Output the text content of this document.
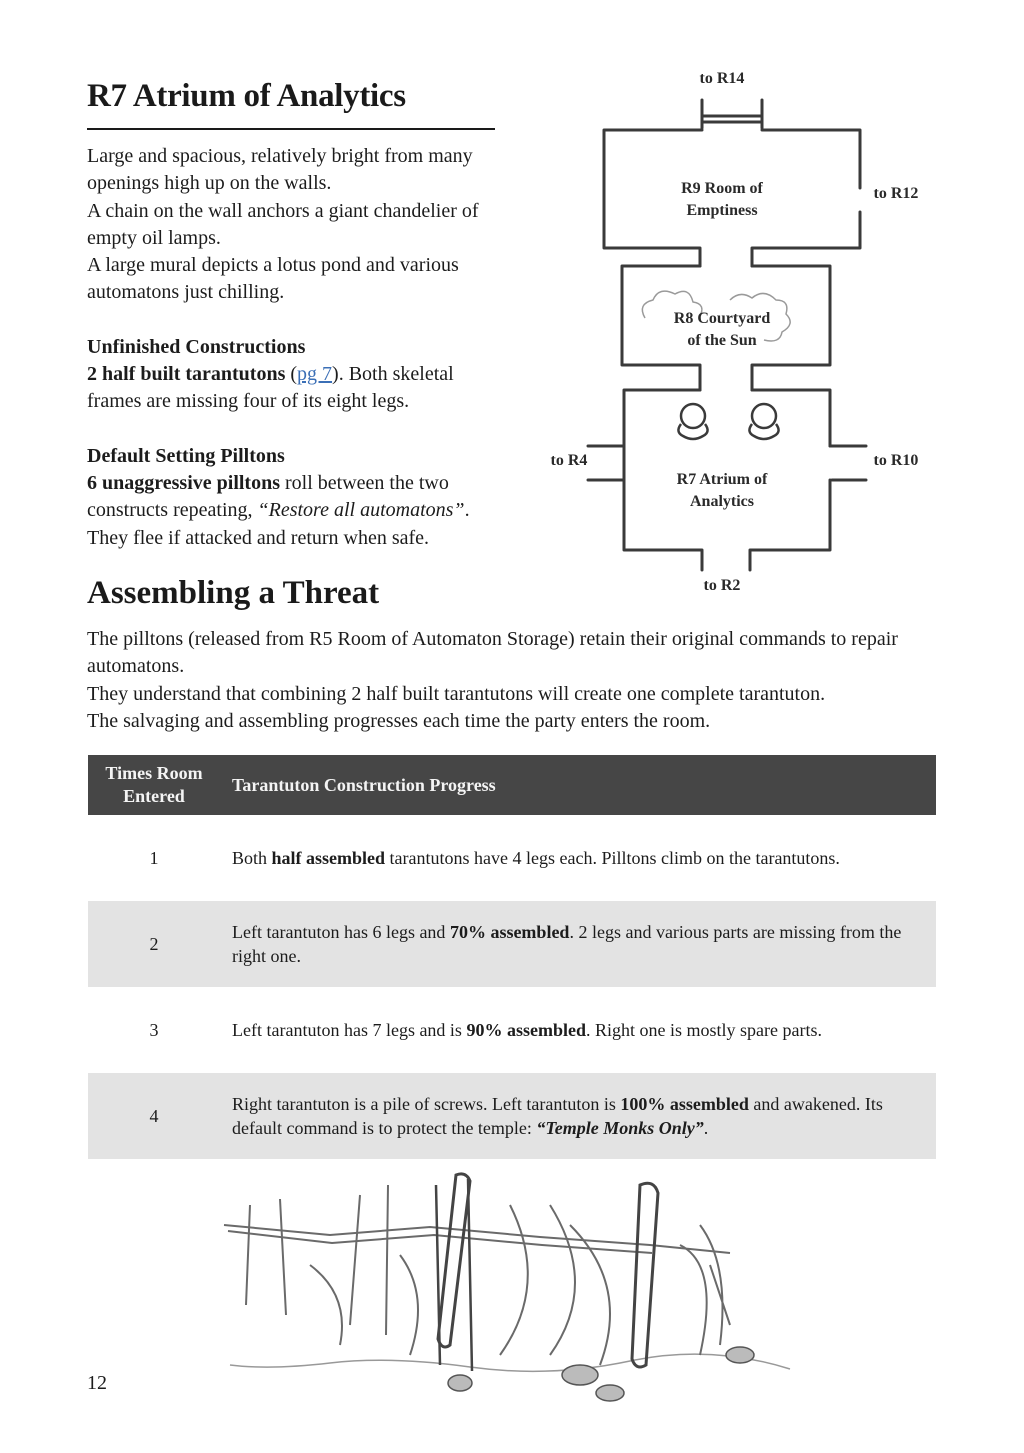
R7 Atrium of Analytics

Large and spacious, relatively bright from many openings high up on the walls.

A chain on the wall anchors a giant chandelier of empty oil lamps.

A large mural depicts a lotus pond and various automatons just chilling.

Unfinished Constructions

2 half built tarantutons (pg 7). Both skeletal frames are missing four of its eight legs.

Default Setting Pilltons

6 unaggressive pilltons roll between the two constructs repeating, “Restore all automatons”. They flee if attacked and return when safe.

to R14
to R12
to R4	to R10
to R2
R9 Room of
Emptiness
R8 Courtyard
of the Sun
R7 Atrium of
Analytics
Assembling a Threat

The pilltons (released from R5 Room of Automaton Storage) retain their original commands to repair automatons.

They understand that combining 2 half built tarantutons will create one complete tarantuton.

The salvaging and assembling progresses each time the party enters the room.

Times Room
Entered	Tarantuton Construction Progress
1	Both half assembled tarantutons have 4 legs each. Pilltons climb on the tarantutons.
2	Left tarantuton has 6 legs and 70% assembled. 2 legs and various parts are missing from the right one.
3	Left tarantuton has 7 legs and is 90% assembled. Right one is mostly spare parts.
4	Right tarantuton is a pile of screws. Left tarantuton is 100% assembled and awakened. Its default command is to protect the temple: “Temple Monks Only”.
12
